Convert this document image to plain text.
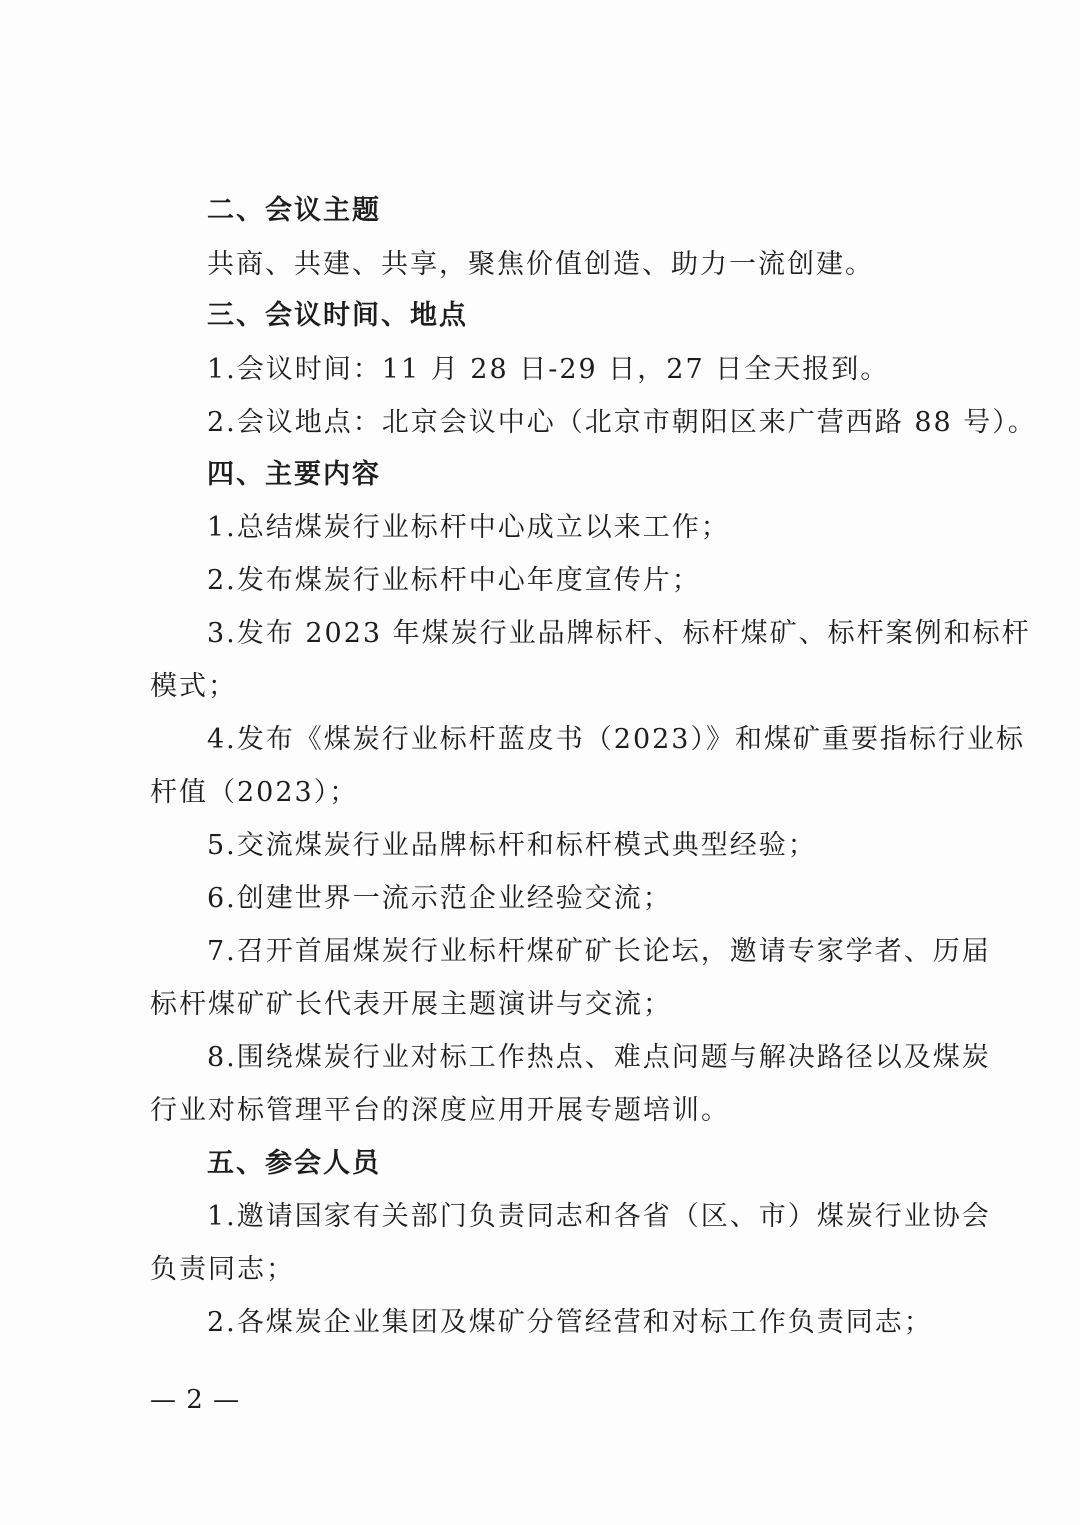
二、会议主题
共商、共建、共享，聚焦价值创造、助力一流创建。
三、会议时间、地点
1.会议时间：11 月 28 日-29 日，27 日全天报到。
2.会议地点：北京会议中心（北京市朝阳区来广营西路 88 号）。
四、主要内容
1.总结煤炭行业标杆中心成立以来工作；
2.发布煤炭行业标杆中心年度宣传片；
3.发布 2023 年煤炭行业品牌标杆、标杆煤矿、标杆案例和标杆
模式；
4.发布《煤炭行业标杆蓝皮书（2023）》和煤矿重要指标行业标
杆值（2023）；
5.交流煤炭行业品牌标杆和标杆模式典型经验；
6.创建世界一流示范企业经验交流；
7.召开首届煤炭行业标杆煤矿矿长论坛，邀请专家学者、历届
标杆煤矿矿长代表开展主题演讲与交流；
8.围绕煤炭行业对标工作热点、难点问题与解决路径以及煤炭
行业对标管理平台的深度应用开展专题培训。
五、参会人员
1.邀请国家有关部门负责同志和各省（区、市）煤炭行业协会
负责同志；
2.各煤炭企业集团及煤矿分管经营和对标工作负责同志；
— 2 —
